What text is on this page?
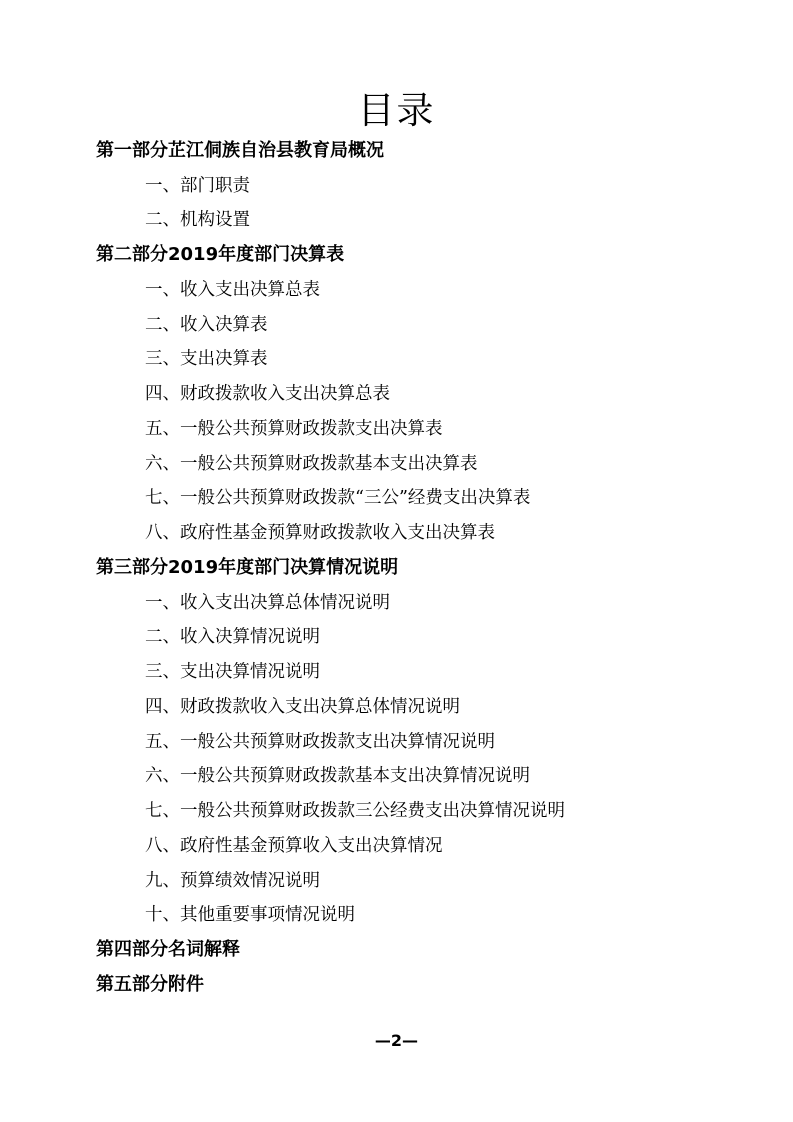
目录
第一部分芷江侗族自治县教育局概况
一、部门职责
二、机构设置
第二部分2019年度部门决算表
一、收入支出决算总表
二、收入决算表
三、支出决算表
四、财政拨款收入支出决算总表
五、一般公共预算财政拨款支出决算表
六、一般公共预算财政拨款基本支出决算表
七、一般公共预算财政拨款“三公”经费支出决算表
八、政府性基金预算财政拨款收入支出决算表
第三部分2019年度部门决算情况说明
一、收入支出决算总体情况说明
二、收入决算情况说明
三、支出决算情况说明
四、财政拨款收入支出决算总体情况说明
五、一般公共预算财政拨款支出决算情况说明
六、一般公共预算财政拨款基本支出决算情况说明
七、一般公共预算财政拨款三公经费支出决算情况说明
八、政府性基金预算收入支出决算情况
九、预算绩效情况说明
十、其他重要事项情况说明
第四部分名词解释
第五部分附件
—2—
